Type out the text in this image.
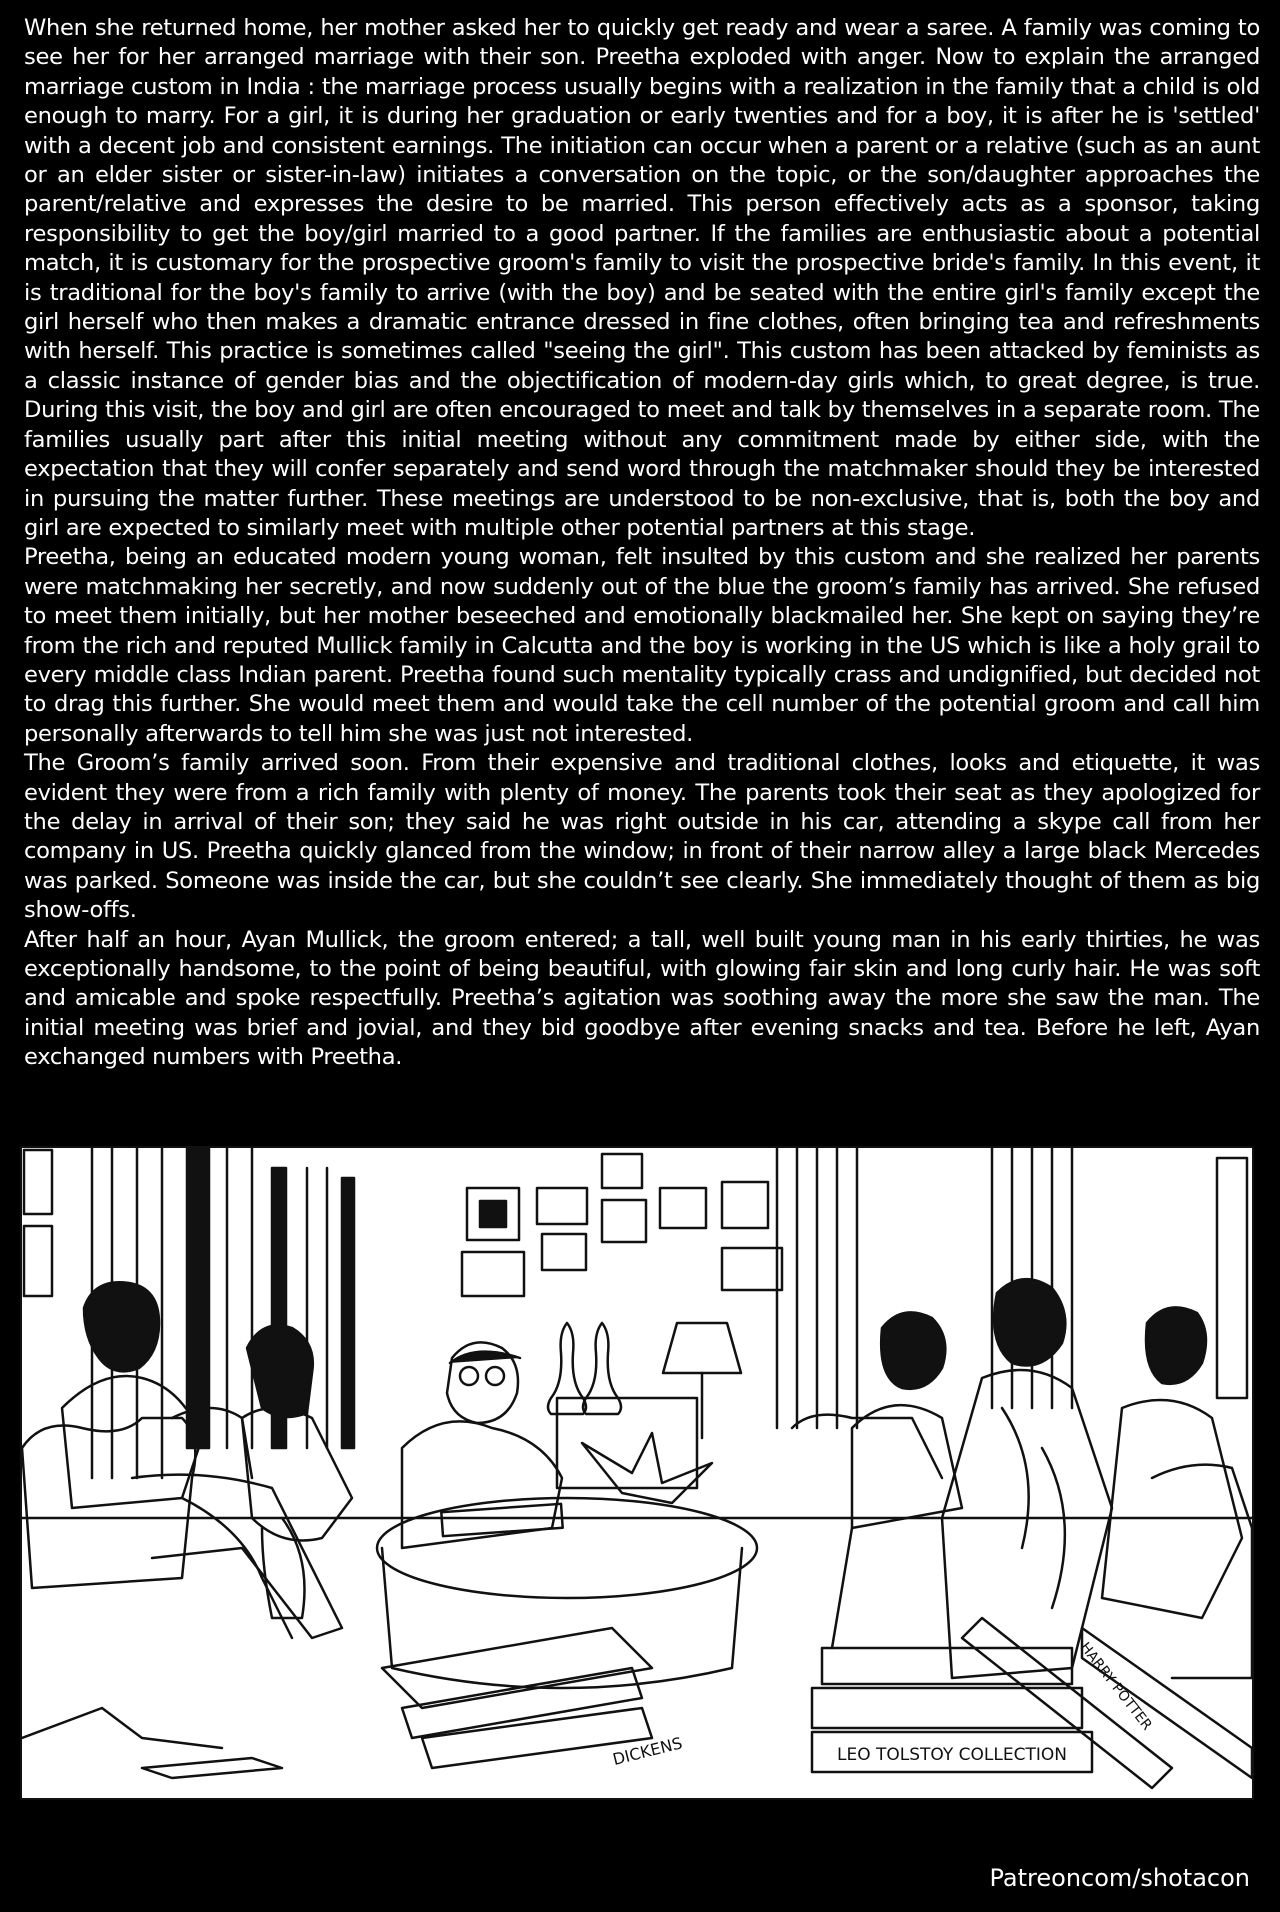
When she returned home, her mother asked her to quickly get ready and wear a saree. A family was coming to see her for her arranged marriage with their son. Preetha exploded with anger. Now to explain the arranged marriage custom in India : the marriage process usually begins with a realization in the family that a child is old enough to marry. For a girl, it is during her graduation or early twenties and for a boy, it is after he is 'settled' with a decent job and consistent earnings. The initiation can occur when a parent or a relative (such as an aunt or an elder sister or sister-in-law) initiates a conversation on the topic, or the son/daughter approaches the parent/relative and expresses the desire to be married. This person effectively acts as a sponsor, taking responsibility to get the boy/girl married to a good partner. If the families are enthusiastic about a potential match, it is customary for the prospective groom's family to visit the prospective bride's family. In this event, it is traditional for the boy's family to arrive (with the boy) and be seated with the entire girl's family except the girl herself who then makes a dramatic entrance dressed in fine clothes, often bringing tea and refreshments with herself. This practice is sometimes called "seeing the girl". This custom has been attacked by feminists as a classic instance of gender bias and the objectification of modern-day girls which, to great degree, is true. During this visit, the boy and girl are often encouraged to meet and talk by themselves in a separate room. The families usually part after this initial meeting without any commitment made by either side, with the expectation that they will confer separately and send word through the matchmaker should they be interested in pursuing the matter further. These meetings are understood to be non-exclusive, that is, both the boy and girl are expected to similarly meet with multiple other potential partners at this stage.

Preetha, being an educated modern young woman, felt insulted by this custom and she realized her parents were matchmaking her secretly, and now suddenly out of the blue the groom’s family has arrived. She refused to meet them initially, but her mother beseeched and emotionally blackmailed her. She kept on saying they’re from the rich and reputed Mullick family in Calcutta and the boy is working in the US which is like a holy grail to every middle class Indian parent. Preetha found such mentality typically crass and undignified, but decided not to drag this further. She would meet them and would take the cell number of the potential groom and call him personally afterwards to tell him she was just not interested.

The Groom’s family arrived soon. From their expensive and traditional clothes, looks and etiquette, it was evident they were from a rich family with plenty of money. The parents took their seat as they apologized for the delay in arrival of their son; they said he was right outside in his car, attending a skype call from her company in US. Preetha quickly glanced from the window; in front of their narrow alley a large black Mercedes was parked. Someone was inside the car, but she couldn’t see clearly. She immediately thought of them as big show-offs.

After half an hour, Ayan Mullick, the groom entered; a tall, well built young man in his early thirties, he was exceptionally handsome, to the point of being beautiful, with glowing fair skin and long curly hair. He was soft and amicable and spoke respectfully. Preetha’s agitation was soothing away the more she saw the man. The initial meeting was brief and jovial, and they bid goodbye after evening snacks and tea. Before he left, Ayan exchanged numbers with Preetha.

LEO TOLSTOY COLLECTION
DICKENS
HARRY POTTER
Patreoncom/shotacon
